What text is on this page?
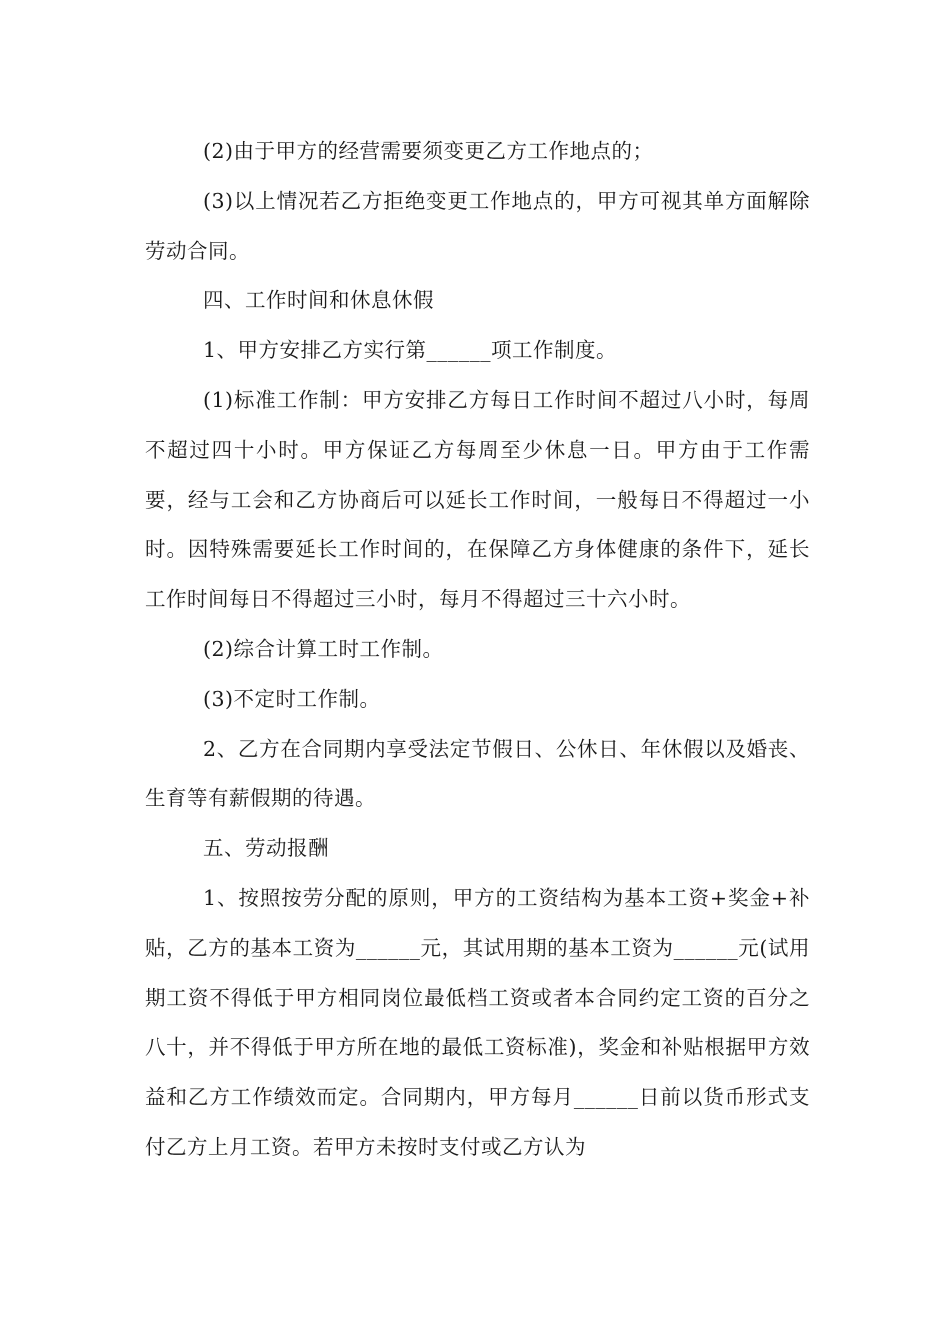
(2)由于甲方的经营需要须变更乙方工作地点的；

(3)以上情况若乙方拒绝变更工作地点的，甲方可视其单方面解除劳动合同。

四、工作时间和休息休假

1、甲方安排乙方实行第______项工作制度。

(1)标准工作制：甲方安排乙方每日工作时间不超过八小时，每周不超过四十小时。甲方保证乙方每周至少休息一日。甲方由于工作需要，经与工会和乙方协商后可以延长工作时间，一般每日不得超过一小时。因特殊需要延长工作时间的，在保障乙方身体健康的条件下，延长工作时间每日不得超过三小时，每月不得超过三十六小时。

(2)综合计算工时工作制。

(3)不定时工作制。

2、乙方在合同期内享受法定节假日、公休日、年休假以及婚丧、生育等有薪假期的待遇。

五、劳动报酬

1、按照按劳分配的原则，甲方的工资结构为基本工资+奖金+补贴，乙方的基本工资为______元，其试用期的基本工资为______元(试用期工资不得低于甲方相同岗位最低档工资或者本合同约定工资的百分之八十，并不得低于甲方所在地的最低工资标准)，奖金和补贴根据甲方效益和乙方工作绩效而定。合同期内，甲方每月______日前以货币形式支付乙方上月工资。若甲方未按时支付或乙方认为
